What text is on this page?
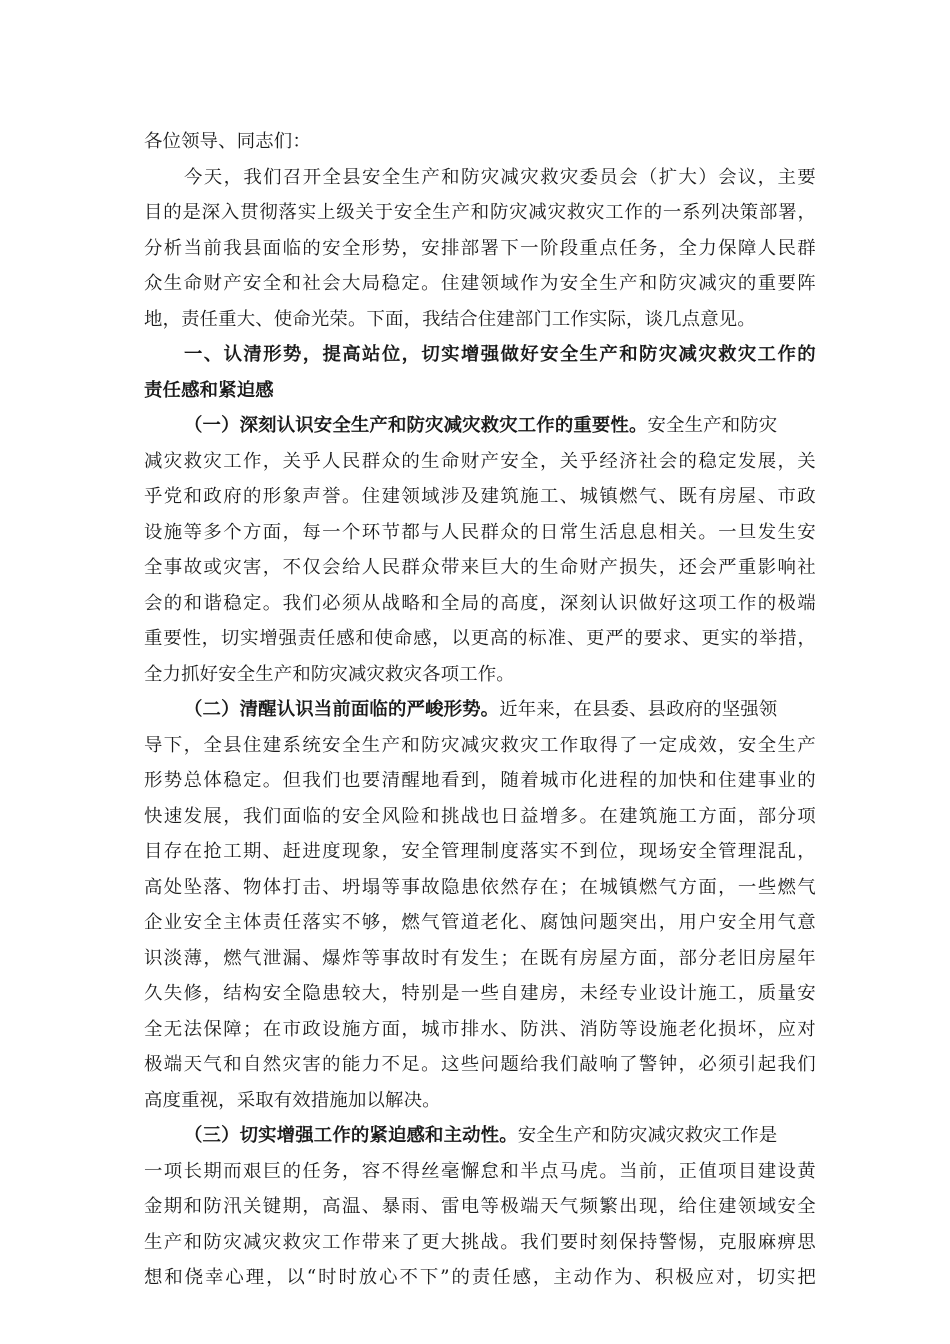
各位领导、同志们：
今 天 ， 我 们 召 开 全 县 安 全 生 产 和 防 灾 减 灾 救 灾 委 员 会 （ 扩 大 ） 会 议 ， 主 要
目 的 是 深 入 贯 彻 落 实 上 级 关 于 安 全 生 产 和 防 灾 减 灾 救 灾 工 作 的 一 系 列 决 策 部 署 ，
分 析 当 前 我 县 面 临 的 安 全 形 势 ， 安 排 部 署 下 一 阶 段 重 点 任 务 ， 全 力 保 障 人 民 群
众 生 命 财 产 安 全 和 社 会 大 局 稳 定 。 住 建 领 域 作 为 安 全 生 产 和 防 灾 减 灾 的 重 要 阵
地，责任重大、使命光荣。下面，我结合住建部门工作实际，谈几点意见。
一 、 认 清 形 势 ， 提 高 站 位 ， 切 实 增 强 做 好 安 全 生 产 和 防 灾 减 灾 救 灾 工 作 的
责任感和紧迫感
（一）深刻认识安全生产和防灾减灾救灾工作的重要性。安全生产和防灾
减 灾 救 灾 工 作 ， 关 乎 人 民 群 众 的 生 命 财 产 安 全 ， 关 乎 经 济 社 会 的 稳 定 发 展 ， 关
乎 党 和 政 府 的 形 象 声 誉 。 住 建 领 域 涉 及 建 筑 施 工 、 城 镇 燃 气 、 既 有 房 屋 、 市 政
设 施 等 多 个 方 面 ， 每 一 个 环 节 都 与 人 民 群 众 的 日 常 生 活 息 息 相 关 。 一 旦 发 生 安
全 事 故 或 灾 害 ， 不 仅 会 给 人 民 群 众 带 来 巨 大 的 生 命 财 产 损 失 ， 还 会 严 重 影 响 社
会 的 和 谐 稳 定 。 我 们 必 须 从 战 略 和 全 局 的 高 度 ， 深 刻 认 识 做 好 这 项 工 作 的 极 端
重 要 性 ， 切 实 增 强 责 任 感 和 使 命 感 ， 以 更 高 的 标 准 、 更 严 的 要 求 、 更 实 的 举 措 ，
全力抓好安全生产和防灾减灾救灾各项工作。
（二）清醒认识当前面临的严峻形势。近年来，在县委、县政府的坚强领
导 下 ， 全 县 住 建 系 统 安 全 生 产 和 防 灾 减 灾 救 灾 工 作 取 得 了 一 定 成 效 ， 安 全 生 产
形 势 总 体 稳 定 。 但 我 们 也 要 清 醒 地 看 到 ， 随 着 城 市 化 进 程 的 加 快 和 住 建 事 业 的
快 速 发 展 ， 我 们 面 临 的 安 全 风 险 和 挑 战 也 日 益 增 多 。 在 建 筑 施 工 方 面 ， 部 分 项
目 存 在 抢 工 期 、 赶 进 度 现 象 ， 安 全 管 理 制 度 落 实 不 到 位 ， 现 场 安 全 管 理 混 乱 ，
高 处 坠 落 、 物 体 打 击 、 坍 塌 等 事 故 隐 患 依 然 存 在 ； 在 城 镇 燃 气 方 面 ， 一 些 燃 气
企 业 安 全 主 体 责 任 落 实 不 够 ， 燃 气 管 道 老 化 、 腐 蚀 问 题 突 出 ， 用 户 安 全 用 气 意
识 淡 薄 ， 燃 气 泄 漏 、 爆 炸 等 事 故 时 有 发 生 ； 在 既 有 房 屋 方 面 ， 部 分 老 旧 房 屋 年
久 失 修 ， 结 构 安 全 隐 患 较 大 ， 特 别 是 一 些 自 建 房 ， 未 经 专 业 设 计 施 工 ， 质 量 安
全 无 法 保 障 ； 在 市 政 设 施 方 面 ， 城 市 排 水 、 防 洪 、 消 防 等 设 施 老 化 损 坏 ， 应 对
极 端 天 气 和 自 然 灾 害 的 能 力 不 足 。 这 些 问 题 给 我 们 敲 响 了 警 钟 ， 必 须 引 起 我 们
高度重视，采取有效措施加以解决。
（三）切实增强工作的紧迫感和主动性。安全生产和防灾减灾救灾工作是
一 项 长 期 而 艰 巨 的 任 务 ， 容 不 得 丝 毫 懈 怠 和 半 点 马 虎 。 当 前 ， 正 值 项 目 建 设 黄
金 期 和 防 汛 关 键 期 ， 高 温 、 暴 雨 、 雷 电 等 极 端 天 气 频 繁 出 现 ， 给 住 建 领 域 安 全
生 产 和 防 灾 减 灾 救 灾 工 作 带 来 了 更 大 挑 战 。 我 们 要 时 刻 保 持 警 惕 ， 克 服 麻 痹 思
想 和 侥 幸 心 理 ， 以 “ 时 时 放 心 不 下 ” 的 责 任 感 ， 主 动 作 为 、 积 极 应 对 ， 切 实 把
